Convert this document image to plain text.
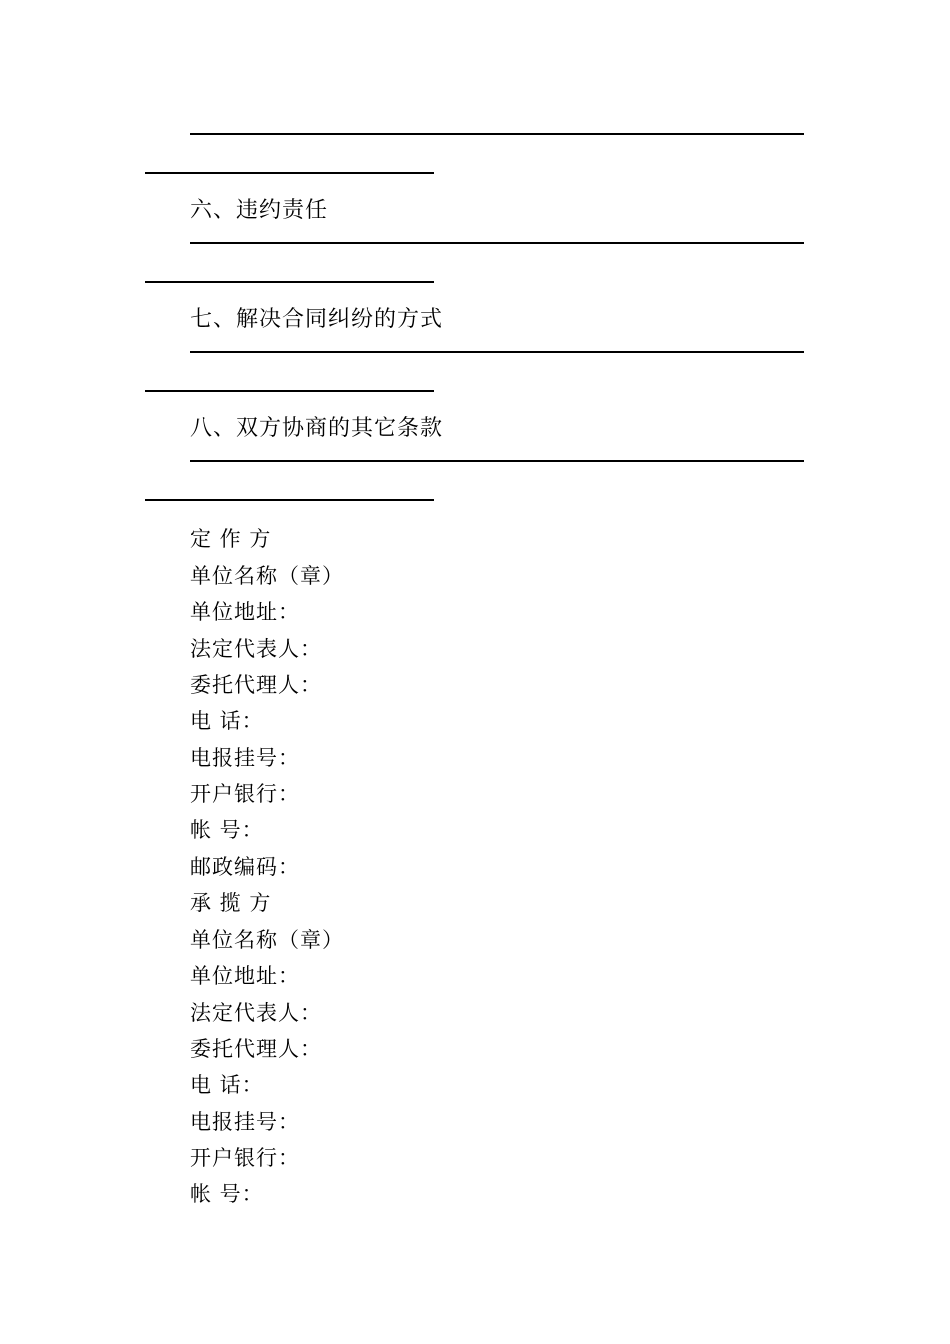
六、违约责任
七、解决合同纠纷的方式
八、双方协商的其它条款
定 作 方
单位名称（章）
单位地址：
法定代表人：
委托代理人：
电 话：
电报挂号：
开户银行：
帐 号：
邮政编码：
承 揽 方
单位名称（章）
单位地址：
法定代表人：
委托代理人：
电 话：
电报挂号：
开户银行：
帐 号：
